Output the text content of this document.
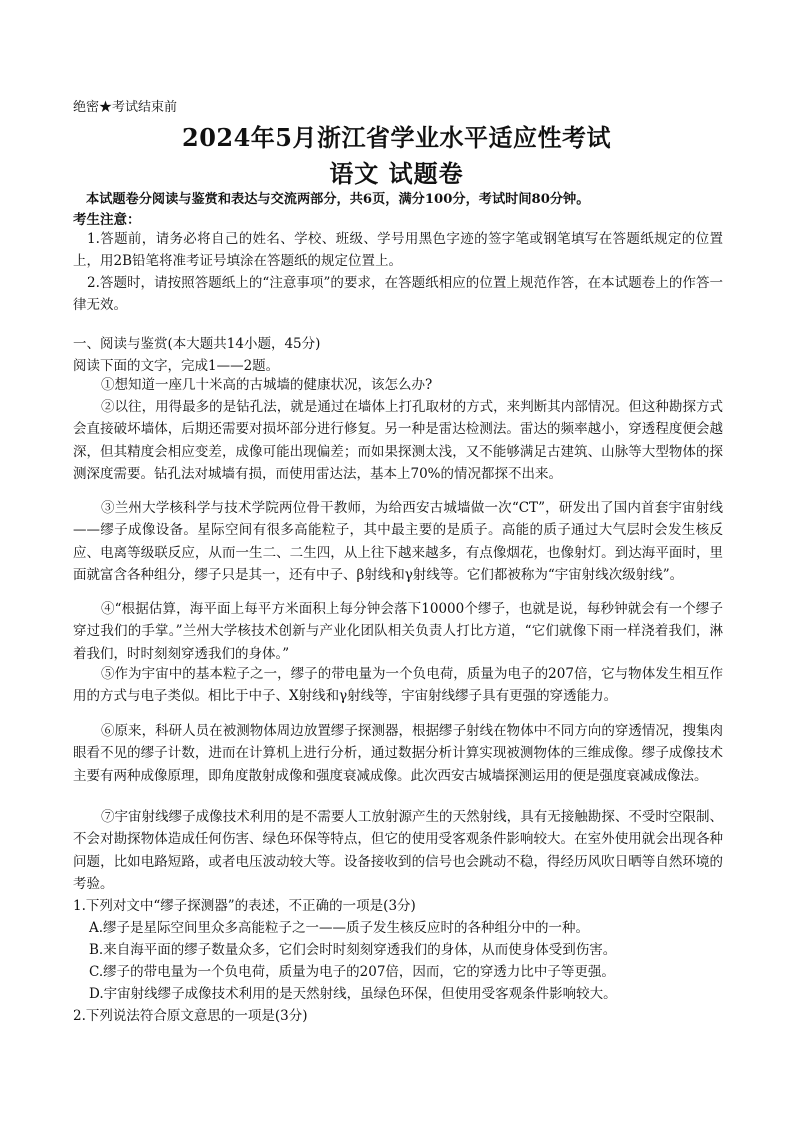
绝密★考试结束前
2024年5月浙江省学业水平适应性考试
语文 试题卷
本试题卷分阅读与鉴赏和表达与交流两部分，共6页，满分100分，考试时间80分钟。
考生注意：
1.答题前，请务必将自己的姓名、学校、班级、学号用黑色字迹的签字笔或钢笔填写在答题纸规定的位置上，用2B铅笔将准考证号填涂在答题纸的规定位置上。
2.答题时，请按照答题纸上的“注意事项”的要求，在答题纸相应的位置上规范作答，在本试题卷上的作答一律无效。
一、阅读与鉴赏(本大题共14小题，45分)
阅读下面的文字，完成1——2题。
①想知道一座几十米高的古城墙的健康状况，该怎么办?
②以往，用得最多的是钻孔法，就是通过在墙体上打孔取材的方式，来判断其内部情况。但这种勘探方式会直接破坏墙体，后期还需要对损坏部分进行修复。另一种是雷达检测法。雷达的频率越小，穿透程度便会越深，但其精度会相应变差，成像可能出现偏差；而如果探测太浅，又不能够满足古建筑、山脉等大型物体的探测深度需要。钻孔法对城墙有损，而使用雷达法，基本上70%的情况都探不出来。
③兰州大学核科学与技术学院两位骨干教师，为给西安古城墙做一次“CT”，研发出了国内首套宇宙射线——缪子成像设备。星际空间有很多高能粒子，其中最主要的是质子。高能的质子通过大气层时会发生核反应、电离等级联反应，从而一生二、二生四，从上往下越来越多，有点像烟花，也像射灯。到达海平面时，里面就富含各种组分，缪子只是其一，还有中子、β射线和γ射线等。它们都被称为“宇宙射线次级射线”。
④“根据估算，海平面上每平方米面积上每分钟会落下10000个缪子，也就是说，每秒钟就会有一个缪子穿过我们的手掌。”兰州大学核技术创新与产业化团队相关负责人打比方道，“它们就像下雨一样浇着我们，淋着我们，时时刻刻穿透我们的身体。”
⑤作为宇宙中的基本粒子之一，缪子的带电量为一个负电荷，质量为电子的207倍，它与物体发生相互作用的方式与电子类似。相比于中子、X射线和γ射线等，宇宙射线缪子具有更强的穿透能力。
⑥原来，科研人员在被测物体周边放置缪子探测器，根据缪子射线在物体中不同方向的穿透情况，搜集肉眼看不见的缪子计数，进而在计算机上进行分析，通过数据分析计算实现被测物体的三维成像。缪子成像技术主要有两种成像原理，即角度散射成像和强度衰减成像。此次西安古城墙探测运用的便是强度衰减成像法。
⑦宇宙射线缪子成像技术利用的是不需要人工放射源产生的天然射线，具有无接触勘探、不受时空限制、不会对勘探物体造成任何伤害、绿色环保等特点，但它的使用受客观条件影响较大。在室外使用就会出现各种问题，比如电路短路，或者电压波动较大等。设备接收到的信号也会跳动不稳，得经历风吹日晒等自然环境的考验。
1.下列对文中“缪子探测器”的表述，不正确的一项是(3分)
A.缪子是星际空间里众多高能粒子之一——质子发生核反应时的各种组分中的一种。
B.来自海平面的缪子数量众多，它们会时时刻刻穿透我们的身体，从而使身体受到伤害。
C.缪子的带电量为一个负电荷，质量为电子的207倍，因而，它的穿透力比中子等更强。
D.宇宙射线缪子成像技术利用的是天然射线，虽绿色环保，但使用受客观条件影响较大。
2.下列说法符合原文意思的一项是(3分)
